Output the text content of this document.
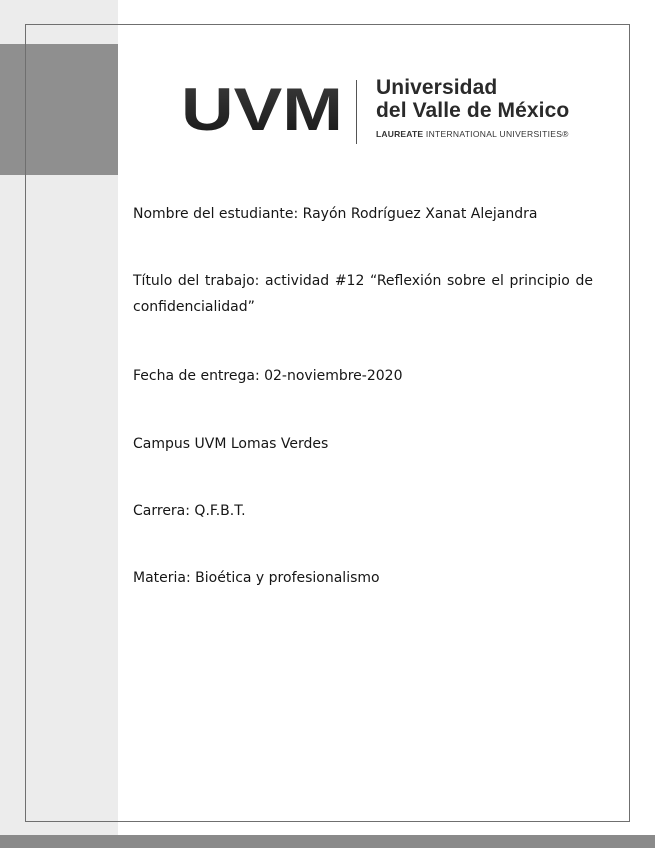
UVM Universidad
del Valle de México
LAUREATE INTERNATIONAL UNIVERSITIES®
Nombre del estudiante: Rayón Rodríguez Xanat Alejandra
Título del trabajo: actividad #12 “Reflexión sobre el principio de confidencialidad”
Fecha de entrega: 02-noviembre-2020
Campus UVM Lomas Verdes
Carrera: Q.F.B.T.
Materia: Bioética y profesionalismo
